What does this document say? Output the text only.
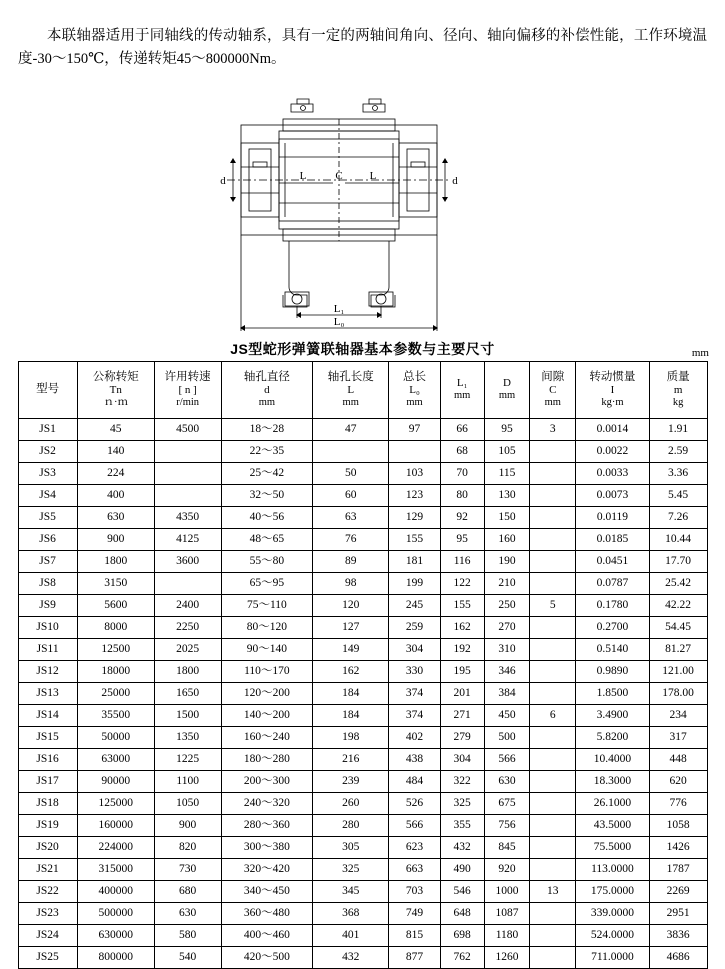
本联轴器适用于同轴线的传动轴系，具有一定的两轴间角向、径向、轴向偏移的补偿性能，工作环境温度-30～150℃，传递转矩45～800000Nm。

d	d
L	L
C
L₁
L₀
JS型蛇形弹簧联轴器基本参数与主要尺寸	mm
型号	公称转矩
Tn
ｎ·ｍ	许用转速
[ n ]
r/min	轴孔直径
d
mm	轴孔长度
L
mm	总长
L₀
mm	L₁
mm	D
mm	间隙
C
mm	转动惯量
I
kg·m	质量
m
kg

JS1	45	4500	18～28	47	97	66	95	3	0.0014	1.91
JS2	140		22～35			68	105		0.0022	2.59
JS3	224		25～42	50	103	70	115		0.0033	3.36
JS4	400		32～50	60	123	80	130		0.0073	5.45
JS5	630	4350	40～56	63	129	92	150		0.0119	7.26
JS6	900	4125	48～65	76	155	95	160		0.0185	10.44
JS7	1800	3600	55～80	89	181	116	190		0.0451	17.70
JS8	3150		65～95	98	199	122	210		0.0787	25.42
JS9	5600	2400	75～110	120	245	155	250	5	0.1780	42.22
JS10	8000	2250	80～120	127	259	162	270		0.2700	54.45
JS11	12500	2025	90～140	149	304	192	310		0.5140	81.27
JS12	18000	1800	110～170	162	330	195	346		0.9890	121.00
JS13	25000	1650	120～200	184	374	201	384		1.8500	178.00
JS14	35500	1500	140～200	184	374	271	450	6	3.4900	234
JS15	50000	1350	160～240	198	402	279	500		5.8200	317
JS16	63000	1225	180～280	216	438	304	566		10.4000	448
JS17	90000	1100	200～300	239	484	322	630		18.3000	620
JS18	125000	1050	240～320	260	526	325	675		26.1000	776
JS19	160000	900	280～360	280	566	355	756		43.5000	1058
JS20	224000	820	300～380	305	623	432	845		75.5000	1426
JS21	315000	730	320～420	325	663	490	920		113.0000	1787
JS22	400000	680	340～450	345	703	546	1000	13	175.0000	2269
JS23	500000	630	360～480	368	749	648	1087		339.0000	2951
JS24	630000	580	400～460	401	815	698	1180		524.0000	3836
JS25	800000	540	420～500	432	877	762	1260		711.0000	4686
